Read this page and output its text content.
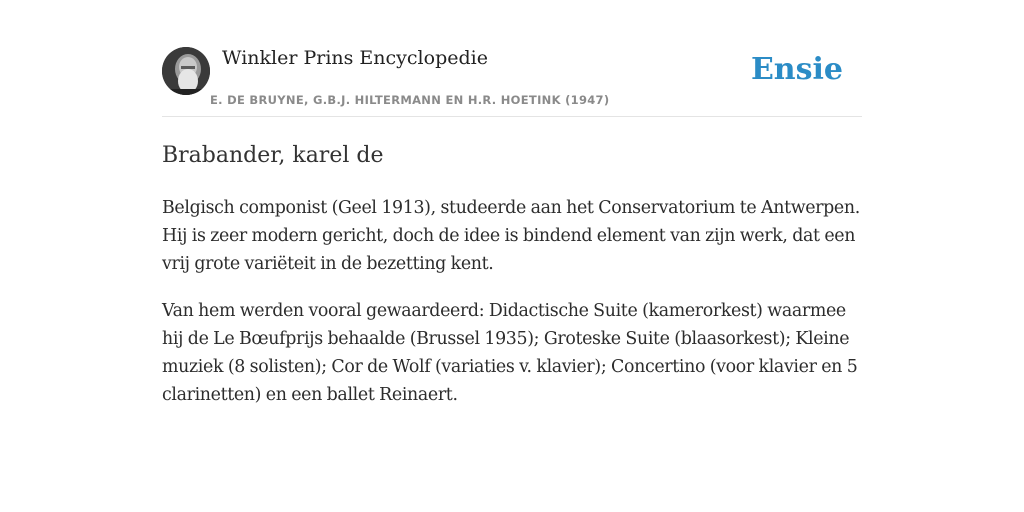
Winkler Prins Encyclopedie
E. DE BRUYNE, G.B.J. HILTERMANN EN H.R. HOETINK (1947)
Ensie
Brabander, karel de

Belgisch componist (Geel 1913), studeerde aan het Conservatorium te Antwerpen. Hij is zeer modern gericht, doch de idee is bindend element van zijn werk, dat een vrij grote variëteit in de bezetting kent.

Van hem werden vooral gewaardeerd: Didactische Suite (kamerorkest) waarmee hij de Le Bœufprijs behaalde (Brussel 1935); Groteske Suite (blaasorkest); Kleine muziek (8 solisten); Cor de Wolf (variaties v. klavier); Concertino (voor klavier en 5 clarinetten) en een ballet Reinaert.
